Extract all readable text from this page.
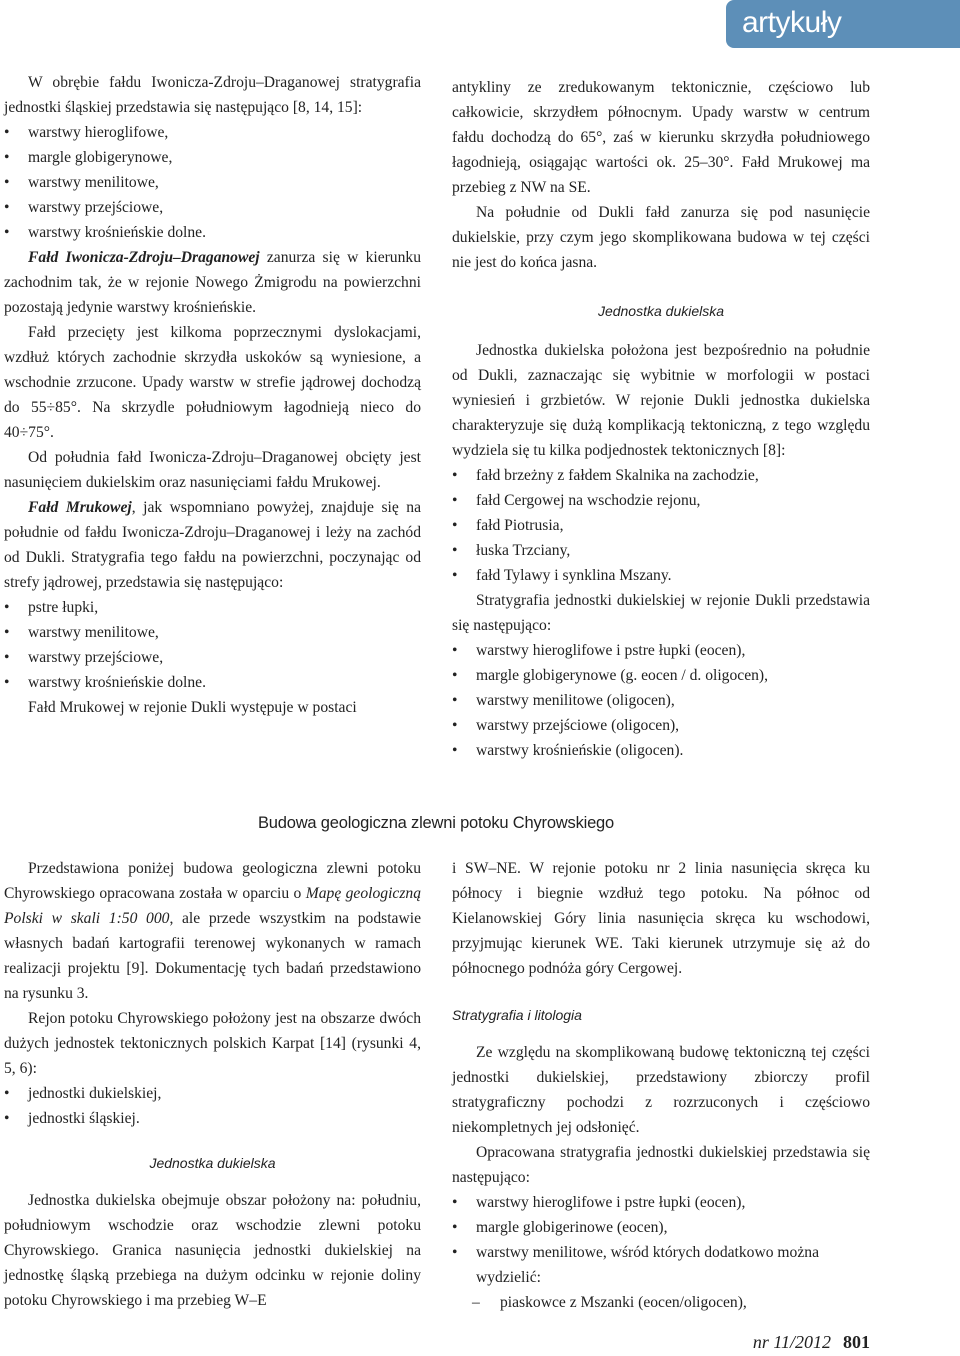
artykuły

W obrębie fałdu Iwonicza-Zdroju–Draganowej stratygrafia jednostki śląskiej przedstawia się następująco [8, 14, 15]:

• warstwy hieroglifowe,
• margle globigerynowe,
• warstwy menilitowe,
• warstwy przejściowe,
• warstwy krośnieńskie dolne.

Fałd Iwonicza-Zdroju–Draganowej zanurza się w kierunku zachodnim tak, że w rejonie Nowego Żmigrodu na powierzchni pozostają jedynie warstwy krośnieńskie.

Fałd przecięty jest kilkoma poprzecznymi dyslokacjami, wzdłuż których zachodnie skrzydła uskoków są wyniesione, a wschodnie zrzucone. Upady warstw w strefie jądrowej dochodzą do 55÷85°. Na skrzydle południowym łagodnieją nieco do 40÷75°.

Od południa fałd Iwonicza-Zdroju–Draganowej obcięty jest nasunięciem dukielskim oraz nasunięciami fałdu Mrukowej.

Fałd Mrukowej, jak wspomniano powyżej, znajduje się na południe od fałdu Iwonicza-Zdroju–Draganowej i leży na zachód od Dukli. Stratygrafia tego fałdu na powierzchni, poczynając od strefy jądrowej, przedstawia się następująco:

• pstre łupki,
• warstwy menilitowe,
• warstwy przejściowe,
• warstwy krośnieńskie dolne.

Fałd Mrukowej w rejonie Dukli występuje w postaci

antykliny ze zredukowanym tektonicznie, częściowo lub całkowicie, skrzydłem północnym. Upady warstw w centrum fałdu dochodzą do 65°, zaś w kierunku skrzydła południowego łagodnieją, osiągając wartości ok. 25–30°. Fałd Mrukowej ma przebieg z NW na SE.

Na południe od Dukli fałd zanurza się pod nasunięcie dukielskie, przy czym jego skomplikowana budowa w tej części nie jest do końca jasna.

Jednostka dukielska

Jednostka dukielska położona jest bezpośrednio na południe od Dukli, zaznaczając się wybitnie w morfologii w postaci wyniesień i grzbietów. W rejonie Dukli jednostka dukielska charakteryzuje się dużą komplikacją tektoniczną, z tego względu wydziela się tu kilka podjednostek tektonicznych [8]:

• fałd brzeżny z fałdem Skalnika na zachodzie,
• fałd Cergowej na wschodzie rejonu,
• fałd Piotrusia,
• łuska Trzciany,
• fałd Tylawy i synklina Mszany.

Stratygrafia jednostki dukielskiej w rejonie Dukli przedstawia się następująco:

• warstwy hieroglifowe i pstre łupki (eocen),
• margle globigerynowe (g. eocen / d. oligocen),
• warstwy menilitowe (oligocen),
• warstwy przejściowe (oligocen),
• warstwy krośnieńskie (oligocen).
Budowa geologiczna zlewni potoku Chyrowskiego

Przedstawiona poniżej budowa geologiczna zlewni potoku Chyrowskiego opracowana została w oparciu o Mapę geologiczną Polski w skali 1:50 000, ale przede wszystkim na podstawie własnych badań kartografii terenowej wykonanych w ramach realizacji projektu [9]. Dokumentację tych badań przedstawiono na rysunku 3.

Rejon potoku Chyrowskiego położony jest na obszarze dwóch dużych jednostek tektonicznych polskich Karpat [14] (rysunki 4, 5, 6):

• jednostki dukielskiej,
• jednostki śląskiej.

Jednostka dukielska

Jednostka dukielska obejmuje obszar położony na: południu, południowym wschodzie oraz wschodzie zlewni potoku Chyrowskiego. Granica nasunięcia jednostki dukielskiej na jednostkę śląską przebiega na dużym odcinku w rejonie doliny potoku Chyrowskiego i ma przebieg W–E

i SW–NE. W rejonie potoku nr 2 linia nasunięcia skręca ku północy i biegnie wzdłuż tego potoku. Na północ od Kielanowskiej Góry linia nasunięcia skręca ku wschodowi, przyjmując kierunek WE. Taki kierunek utrzymuje się aż do północnego podnóża góry Cergowej.

Stratygrafia i litologia

Ze względu na skomplikowaną budowę tektoniczną tej części jednostki dukielskiej, przedstawiony zbiorczy profil stratygraficzny pochodzi z rozrzuconych i częściowo niekompletnych jej odsłonięć.

Opracowana stratygrafia jednostki dukielskiej przedstawia się następująco:

• warstwy hieroglifowe i pstre łupki (eocen),
• margle globigerinowe (eocen),
• warstwy menilitowe, wśród których dodatkowo można wydzielić:
– piaskowce z Mszanki (eocen/oligocen),
nr 11/2012 801
